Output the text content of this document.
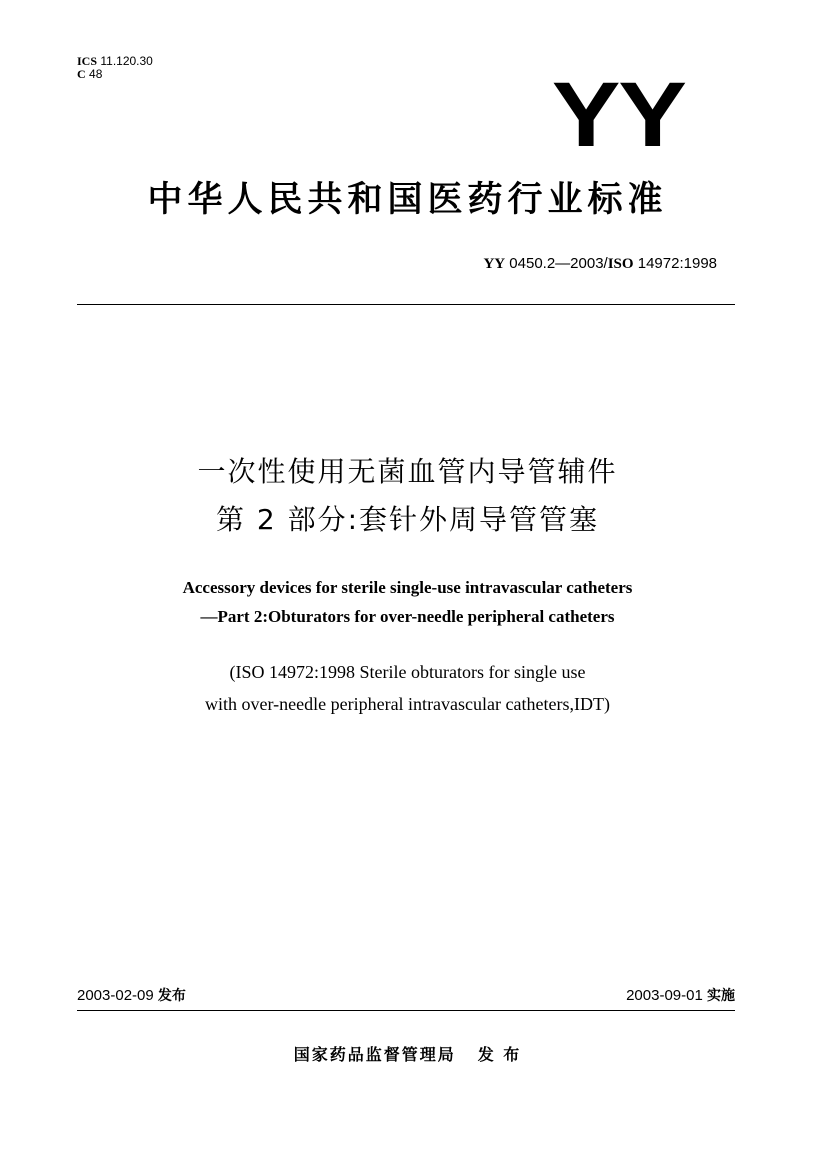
ICS 11.120.30
C 48	YY
中华人民共和国医药行业标准
YY 0450.2—2003/ISO 14972:1998
一次性使用无菌血管内导管辅件
第 2 部分:套针外周导管管塞
Accessory devices for sterile single-use intravascular catheters
—Part 2:Obturators for over-needle peripheral catheters
(ISO 14972:1998 Sterile obturators for single use
with over-needle peripheral intravascular catheters,IDT)
2003-02-09 发布	2003-09-01 实施
国家药品监督管理局 发 布
